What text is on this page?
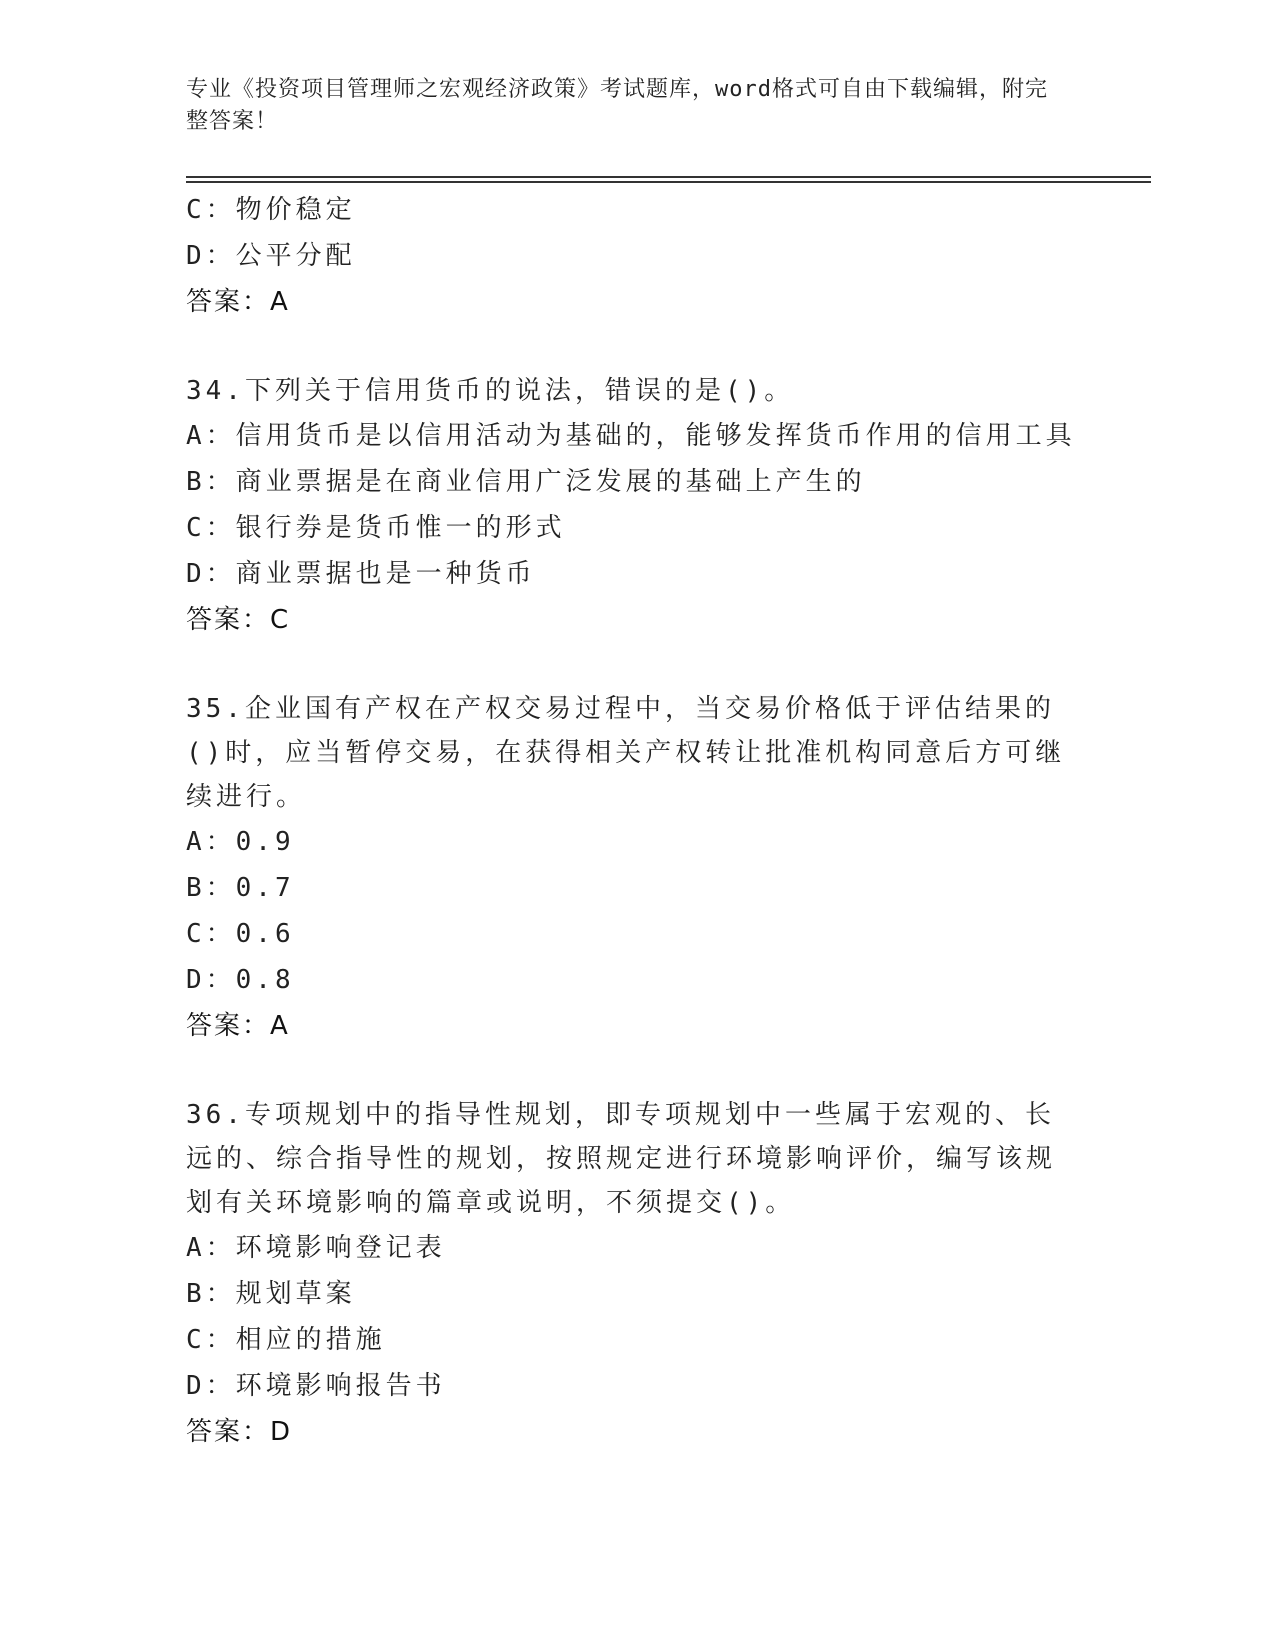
专业《投资项目管理师之宏观经济政策》考试题库，word格式可自由下载编辑，附完整答案！
C：物价稳定
D：公平分配
答案：A
34.下列关于信用货币的说法，错误的是()。
A：信用货币是以信用活动为基础的，能够发挥货币作用的信用工具
B：商业票据是在商业信用广泛发展的基础上产生的
C：银行券是货币惟一的形式
D：商业票据也是一种货币
答案：C
35.企业国有产权在产权交易过程中，当交易价格低于评估结果的()时，应当暂停交易，在获得相关产权转让批准机构同意后方可继续进行。
A：0.9
B：0.7
C：0.6
D：0.8
答案：A
36.专项规划中的指导性规划，即专项规划中一些属于宏观的、长远的、综合指导性的规划，按照规定进行环境影响评价，编写该规划有关环境影响的篇章或说明，不须提交()。
A：环境影响登记表
B：规划草案
C：相应的措施
D：环境影响报告书
答案：D
